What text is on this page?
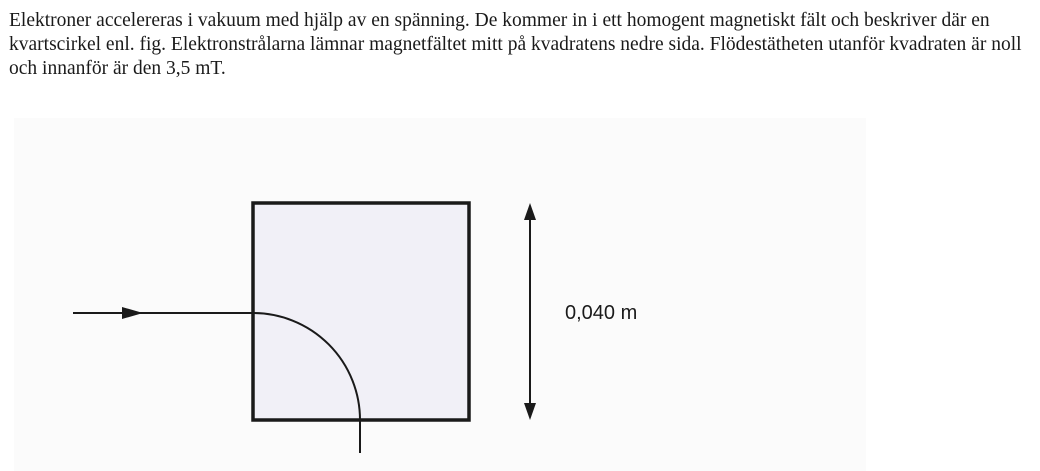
Elektroner accelereras i vakuum med hjälp av en spänning. De kommer in i ett homogent magnetiskt fält och beskriver där en kvartscirkel enl. fig. Elektronstrålarna lämnar magnetfältet mitt på kvadratens nedre sida. Flödestätheten utanför kvadraten är noll och innanför är den 3,5 mT.

0,040 m
